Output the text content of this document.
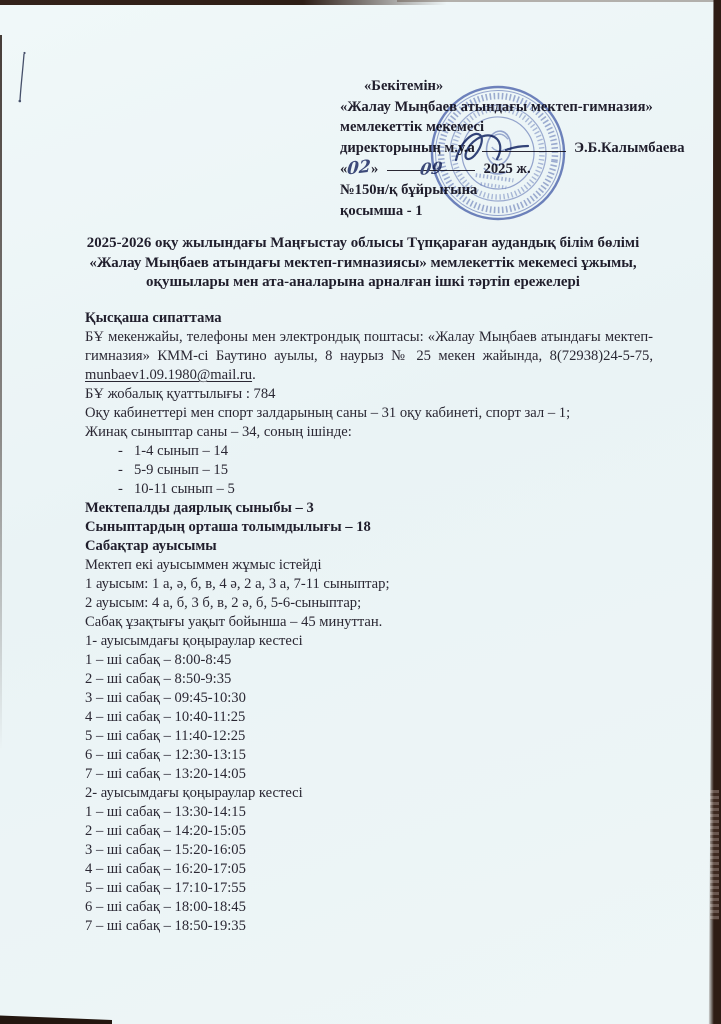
«Бекітемін»
«Жалау Мыңбаев атындағы мектеп-гимназия»
мемлекеттік мекемесі
директорының м.у.а	Э.Б.Калымбаева
«02»	09	2025 ж.
№150н/қ бұйрығына
қосымша - 1
2025-2026 оқу жылындағы Маңғыстау облысы Түпқараған аудандық білім бөлімі
«Жалау Мыңбаев атындағы мектеп-гимназиясы» мемлекеттік мекемесі ұжымы,
оқушылары мен ата-аналарына арналған ішкі тәртіп ережелері
Қысқаша сипаттама
БҰ мекенжайы, телефоны мен электрондық поштасы: «Жалау Мыңбаев атындағы мектеп-гимназия» КММ-сі Баутино ауылы, 8 наурыз № 25 мекен жайында, 8(72938)24-5-75, munbaev1.09.1980@mail.ru.
БҰ жобалық қуаттылығы : 784
Оқу кабинеттері мен спорт залдарының саны – 31 оқу кабинеті, спорт зал – 1;
Жинақ сыныптар саны – 34, соның ішінде:
- 1-4 сынып – 14
- 5-9 сынып – 15
- 10-11 сынып – 5
Мектепалды даярлық сыныбы – 3
Сыныптардың орташа толымдылығы – 18
Сабақтар ауысымы
Мектеп екі ауысыммен жұмыс істейді
1 ауысым: 1 а, ә, б, в, 4 ә, 2 а, 3 а, 7-11 сыныптар;
2 ауысым: 4 а, б, 3 б, в, 2 ә, б, 5-6-сыныптар;
Сабақ ұзақтығы уақыт бойынша – 45 минуттан.
1- ауысымдағы қоңыраулар кестесі
1 – ші сабақ – 8:00-8:45
2 – ші сабақ – 8:50-9:35
3 – ші сабақ – 09:45-10:30
4 – ші сабақ – 10:40-11:25
5 – ші сабақ – 11:40-12:25
6 – ші сабақ – 12:30-13:15
7 – ші сабақ – 13:20-14:05
2- ауысымдағы қоңыраулар кестесі
1 – ші сабақ – 13:30-14:15
2 – ші сабақ – 14:20-15:05
3 – ші сабақ – 15:20-16:05
4 – ші сабақ – 16:20-17:05
5 – ші сабақ – 17:10-17:55
6 – ші сабақ – 18:00-18:45
7 – ші сабақ – 18:50-19:35
